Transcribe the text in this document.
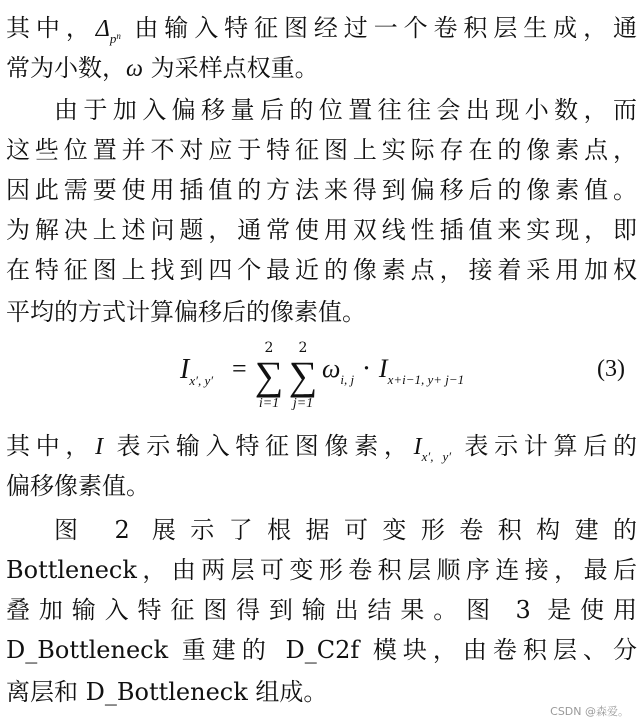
其中，$\Delta_pn$ 由输入特征图经过一个卷积层生成，通
常为小数，ω 为采样点权重。
由于加入偏移量后的位置往往会出现小数，而
这些位置并不对应于特征图上实际存在的像素点，
因此需要使用插值的方法来得到偏移后的像素值。
为解决上述问题，通常使用双线性插值来实现，即
在特征图上找到四个最近的像素点，接着采用加权
平均的方式计算偏移后的像素值。
$I_{x', y'}$ =
2
∑
i=1
2
∑
j=1
$\omega_{i, j} \cdot I_{x+i-1, y+ j-1}$	(3)
其中，I 表示输入特征图像素，$I_{x', y'}$ 表示计算后的
偏移像素值。
图 2 展示了根据可变形卷积构建的
Bottleneck，由两层可变形卷积层顺序连接，最后
叠加输入特征图得到输出结果。图 3 是使用
D_Bottleneck 重建的 D_C2f 模块，由卷积层、分
离层和 D_Bottleneck 组成。
CSDN @森爱。
